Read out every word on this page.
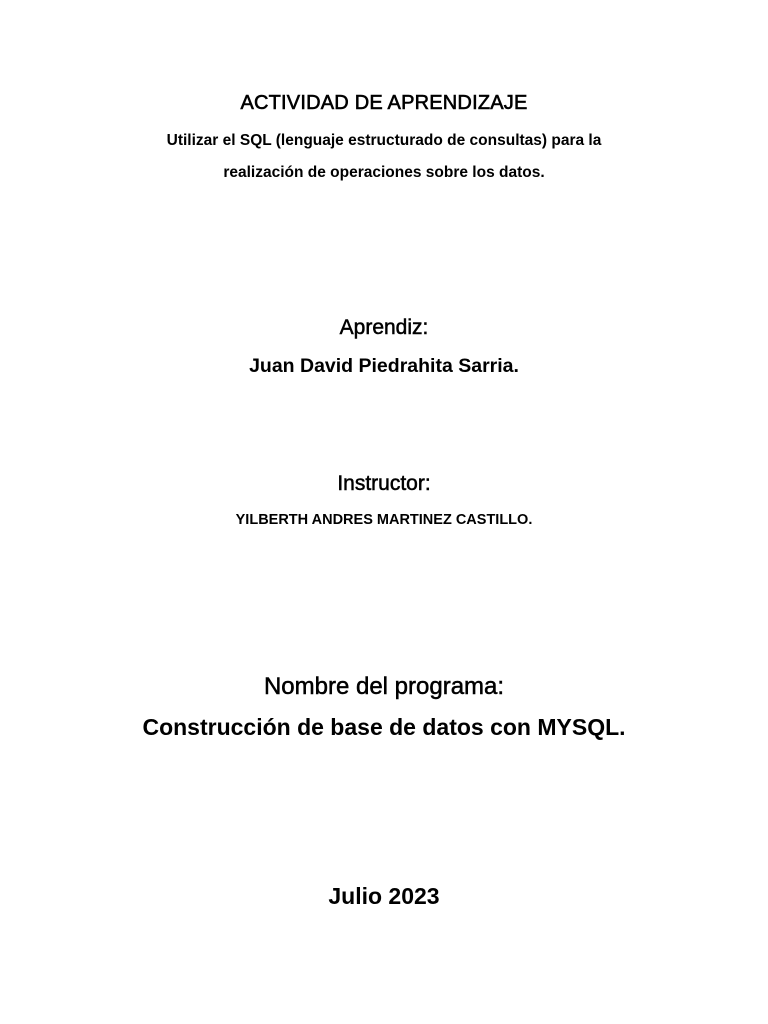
ACTIVIDAD DE APRENDIZAJE
Utilizar el SQL (lenguaje estructurado de consultas) para la
realización de operaciones sobre los datos.
Aprendiz:
Juan David Piedrahita Sarria.
Instructor:
YILBERTH ANDRES MARTINEZ CASTILLO.
Nombre del programa:
Construcción de base de datos con MYSQL.
Julio 2023
